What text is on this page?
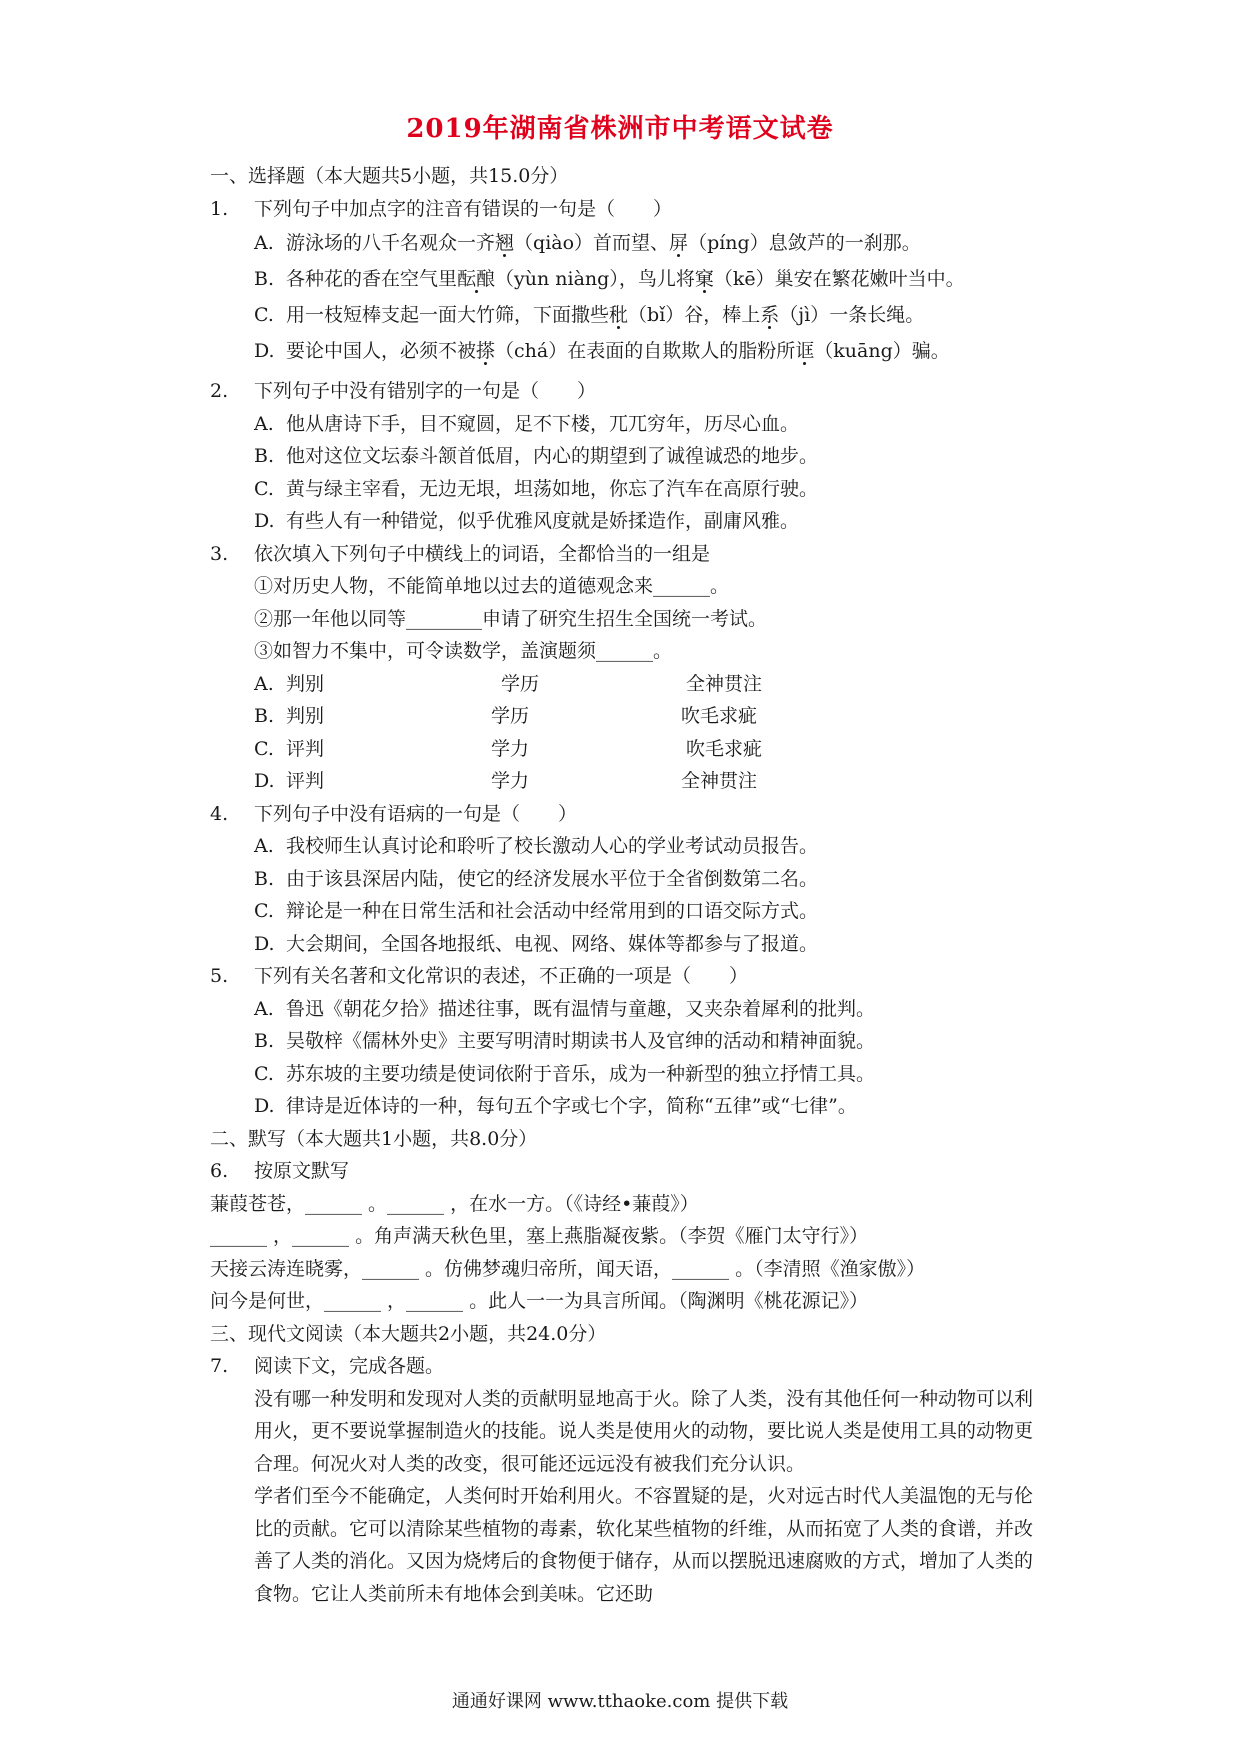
2019年湖南省株洲市中考语文试卷
一、选择题（本大题共5小题，共15.0分）
1. 下列句子中加点字的注音有错误的一句是（　　）
A. 游泳场的八千名观众一齐翘（qiào）首而望、屏（píng）息敛芦的一刹那。
B. 各种花的香在空气里酝酿（yùn niàng），鸟儿将窠（kē）巢安在繁花嫩叶当中。
C. 用一枝短棒支起一面大竹筛，下面撒些秕（bǐ）谷，棒上系（jì）一条长绳。
D. 要论中国人，必须不被搽（chá）在表面的自欺欺人的脂粉所诓（kuāng）骗。
2. 下列句子中没有错别字的一句是（　　）
A. 他从唐诗下手，目不窥圆，足不下楼，兀兀穷年，历尽心血。
B. 他对这位文坛泰斗颔首低眉，内心的期望到了诚徨诚恐的地步。
C. 黄与绿主宰看，无边无垠，坦荡如地，你忘了汽车在高原行驶。
D. 有些人有一种错觉，似乎优雅风度就是娇揉造作，副庸风雅。
3. 依次填入下列句子中横线上的词语，全都恰当的一组是
①对历史人物，不能简单地以过去的道德观念来______。
②那一年他以同等________申请了研究生招生全国统一考试。
③如智力不集中，可令读数学，盖演题须______。
A. 判别	学历	全神贯注
B. 判别	学历	吹毛求疵
C. 评判	学力	吹毛求疵
D. 评判	学力	全神贯注
4. 下列句子中没有语病的一句是（　　）
A. 我校师生认真讨论和聆听了校长激动人心的学业考试动员报告。
B. 由于该县深居内陆，使它的经济发展水平位于全省倒数第二名。
C. 辩论是一种在日常生活和社会活动中经常用到的口语交际方式。
D. 大会期间，全国各地报纸、电视、网络、媒体等都参与了报道。
5. 下列有关名著和文化常识的表述，不正确的一项是（　　）
A. 鲁迅《朝花夕拾》描述往事，既有温情与童趣，又夹杂着犀利的批判。
B. 吴敬梓《儒林外史》主要写明清时期读书人及官绅的活动和精神面貌。
C. 苏东坡的主要功绩是使词依附于音乐，成为一种新型的独立抒情工具。
D. 律诗是近体诗的一种，每句五个字或七个字，简称“五律”或“七律”。
二、默写（本大题共1小题，共8.0分）
6. 按原文默写
蒹葭苍苍，______ 。______ ，在水一方。（《诗经•蒹葭》）
______ ，______ 。角声满天秋色里，塞上燕脂凝夜紫。（李贺《雁门太守行》）
天接云涛连晓雾，______ 。仿佛梦魂归帝所，闻天语，______ 。（李清照《渔家傲》）
问今是何世，______ ，______ 。此人一一为具言所闻。（陶渊明《桃花源记》）
三、现代文阅读（本大题共2小题，共24.0分）
7. 阅读下文，完成各题。
没有哪一种发明和发现对人类的贡献明显地高于火。除了人类，没有其他任何一种动物可以利用火，更不要说掌握制造火的技能。说人类是使用火的动物，要比说人类是使用工具的动物更合理。何况火对人类的改变，很可能还远远没有被我们充分认识。
学者们至今不能确定，人类何时开始利用火。不容置疑的是，火对远古时代人美温饱的无与伦比的贡献。它可以清除某些植物的毒素，软化某些植物的纤维，从而拓宽了人类的食谱，并改善了人类的消化。又因为烧烤后的食物便于储存，从而以摆脱迅速腐败的方式，增加了人类的食物。它让人类前所未有地体会到美味。它还助
通通好课网 www.tthaoke.com 提供下载
